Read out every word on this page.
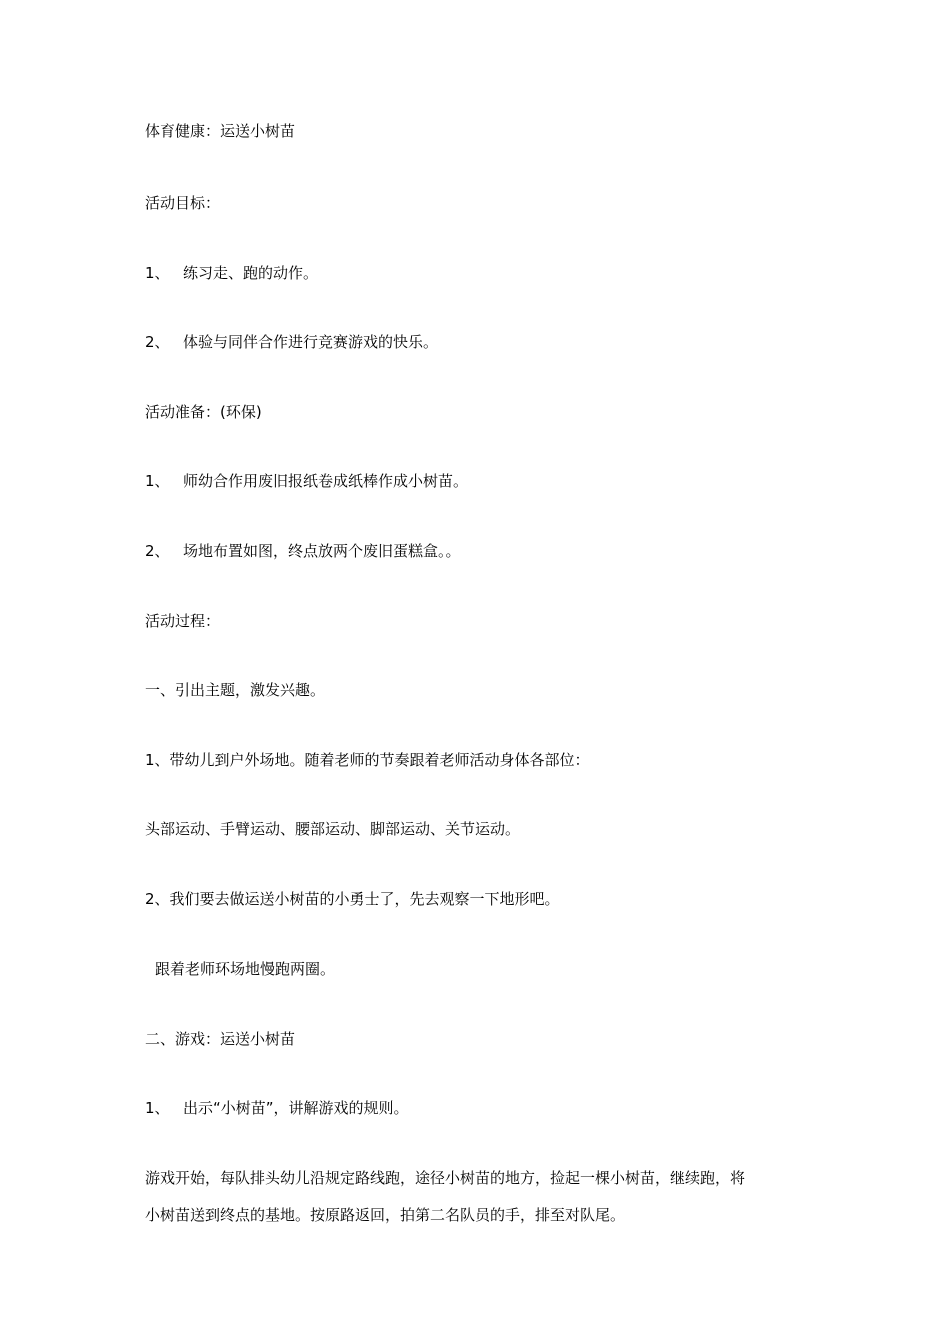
体育健康：运送小树苗
活动目标：
1、 练习走、跑的动作。
2、 体验与同伴合作进行竞赛游戏的快乐。
活动准备：(环保)
1、 师幼合作用废旧报纸卷成纸棒作成小树苗。
2、 场地布置如图，终点放两个废旧蛋糕盒。。
活动过程：
一、引出主题，激发兴趣。
1、带幼儿到户外场地。随着老师的节奏跟着老师活动身体各部位：
头部运动、手臂运动、腰部运动、脚部运动、关节运动。
2、我们要去做运送小树苗的小勇士了，先去观察一下地形吧。
跟着老师环场地慢跑两圈。
二、游戏：运送小树苗
1、 出示“小树苗”，讲解游戏的规则。
游戏开始，每队排头幼儿沿规定路线跑，途径小树苗的地方，捡起一棵小树苗，继续跑，将
小树苗送到终点的基地。按原路返回，拍第二名队员的手，排至对队尾。
